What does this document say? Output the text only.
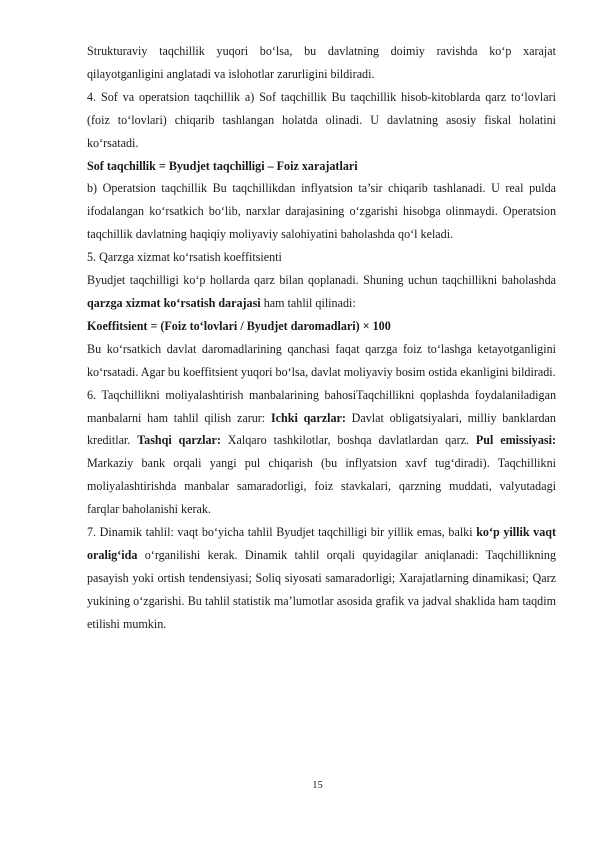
Strukturaviy taqchillik yuqori bo‘lsa, bu davlatning doimiy ravishda ko‘p xarajat qilayotganligini anglatadi va islohotlar zarurligini bildiradi.

4. Sof va operatsion taqchillik a) Sof taqchillik Bu taqchillik hisob-kitoblarda qarz to‘lovlari (foiz to‘lovlari) chiqarib tashlangan holatda olinadi. U davlatning asosiy fiskal holatini ko‘rsatadi.

Sof taqchillik = Byudjet taqchilligi – Foiz xarajatlari

b) Operatsion taqchillik Bu taqchillikdan inflyatsion ta’sir chiqarib tashlanadi. U real pulda ifodalangan ko‘rsatkich bo‘lib, narxlar darajasining o‘zgarishi hisobga olinmaydi. Operatsion taqchillik davlatning haqiqiy moliyaviy salohiyatini baholashda qo‘l keladi.

5. Qarzga xizmat ko‘rsatish koeffitsienti

Byudjet taqchilligi ko‘p hollarda qarz bilan qoplanadi. Shuning uchun taqchillikni baholashda qarzga xizmat ko‘rsatish darajasi ham tahlil qilinadi:

Koeffitsient = (Foiz to‘lovlari / Byudjet daromadlari) × 100

Bu ko‘rsatkich davlat daromadlarining qanchasi faqat qarzga foiz to‘lashga ketayotganligini ko‘rsatadi. Agar bu koeffitsient yuqori bo‘lsa, davlat moliyaviy bosim ostida ekanligini bildiradi.

6. Taqchillikni moliyalashtirish manbalarining bahosiTaqchillikni qoplashda foydalaniladigan manbalarni ham tahlil qilish zarur: Ichki qarzlar: Davlat obligatsiyalari, milliy banklardan kreditlar. Tashqi qarzlar: Xalqaro tashkilotlar, boshqa davlatlardan qarz. Pul emissiyasi: Markaziy bank orqali yangi pul chiqarish (bu inflyatsion xavf tug‘diradi). Taqchillikni moliyalashtirishda manbalar samaradorligi, foiz stavkalari, qarzning muddati, valyutadagi farqlar baholanishi kerak.

7. Dinamik tahlil: vaqt bo‘yicha tahlil Byudjet taqchilligi bir yillik emas, balki ko‘p yillik vaqt oralig‘ida o‘rganilishi kerak. Dinamik tahlil orqali quyidagilar aniqlanadi: Taqchillikning pasayish yoki ortish tendensiyasi; Soliq siyosati samaradorligi; Xarajatlarning dinamikasi; Qarz yukining o‘zgarishi. Bu tahlil statistik ma’lumotlar asosida grafik va jadval shaklida ham taqdim etilishi mumkin.

15
